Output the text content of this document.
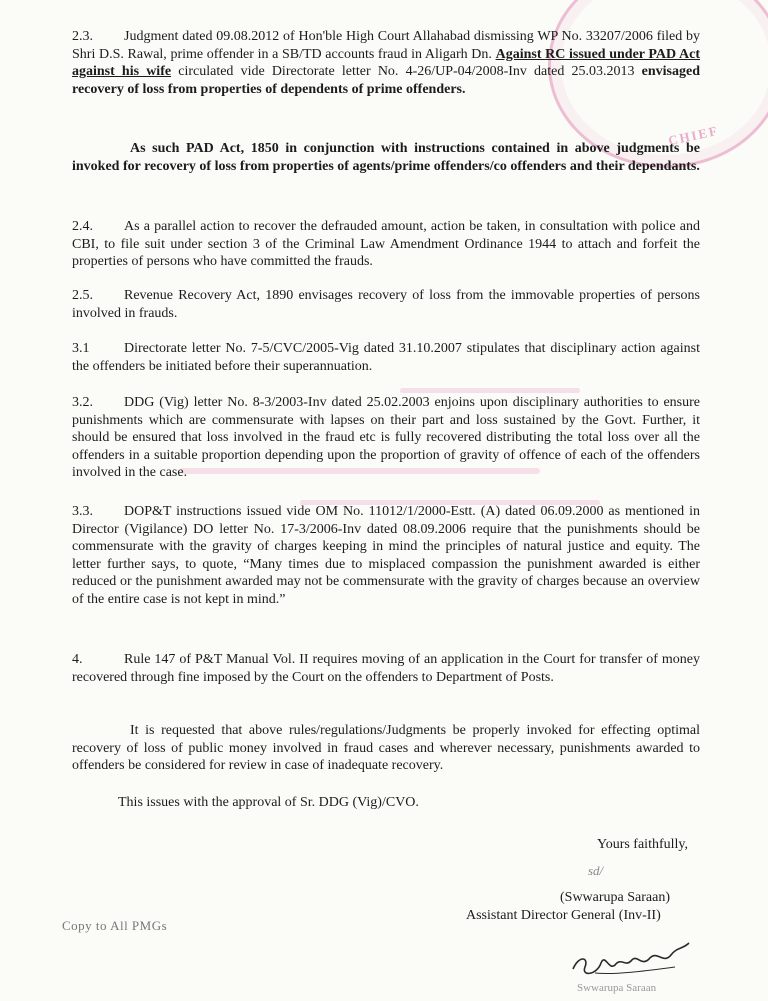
CHIEF

2.3. Judgment dated 09.08.2012 of Hon'ble High Court Allahabad dismissing WP No. 33207/2006 filed by Shri D.S. Rawal, prime offender in a SB/TD accounts fraud in Aligarh Dn. Against RC issued under PAD Act against his wife circulated vide Directorate letter No. 4-26/UP-04/2008-Inv dated 25.03.2013 envisaged recovery of loss from properties of dependents of prime offenders.

As such PAD Act, 1850 in conjunction with instructions contained in above judgments be invoked for recovery of loss from properties of agents/prime offenders/co offenders and their dependants.

2.4. As a parallel action to recover the defrauded amount, action be taken, in consultation with police and CBI, to file suit under section 3 of the Criminal Law Amendment Ordinance 1944 to attach and forfeit the properties of persons who have committed the frauds.

2.5. Revenue Recovery Act, 1890 envisages recovery of loss from the immovable properties of persons involved in frauds.

3.1 Directorate letter No. 7-5/CVC/2005-Vig dated 31.10.2007 stipulates that disciplinary action against the offenders be initiated before their superannuation.

3.2. DDG (Vig) letter No. 8-3/2003-Inv dated 25.02.2003 enjoins upon disciplinary authorities to ensure punishments which are commensurate with lapses on their part and loss sustained by the Govt. Further, it should be ensured that loss involved in the fraud etc is fully recovered distributing the total loss over all the offenders in a suitable proportion depending upon the proportion of gravity of offence of each of the offenders involved in the case.

3.3. DOP&T instructions issued vide OM No. 11012/1/2000-Estt. (A) dated 06.09.2000 as mentioned in Director (Vigilance) DO letter No. 17-3/2006-Inv dated 08.09.2006 require that the punishments should be commensurate with the gravity of charges keeping in mind the principles of natural justice and equity. The letter further says, to quote, “Many times due to misplaced compassion the punishment awarded is either reduced or the punishment awarded may not be commensurate with the gravity of charges because an overview of the entire case is not kept in mind.”

4.	Rule 147 of P&T Manual Vol. II requires moving of an application in the Court for transfer of money recovered through fine imposed by the Court on the offenders to Department of Posts.

It is requested that above rules/regulations/Judgments be properly invoked for effecting optimal recovery of loss of public money involved in fraud cases and wherever necessary, punishments awarded to offenders be considered for review in case of inadequate recovery.

This issues with the approval of Sr. DDG (Vig)/CVO.

Yours faithfully,
sd/
(Swwarupa Saraan)
Assistant Director General (Inv-II)
Copy to All PMGs
Swwarupa Saraan
